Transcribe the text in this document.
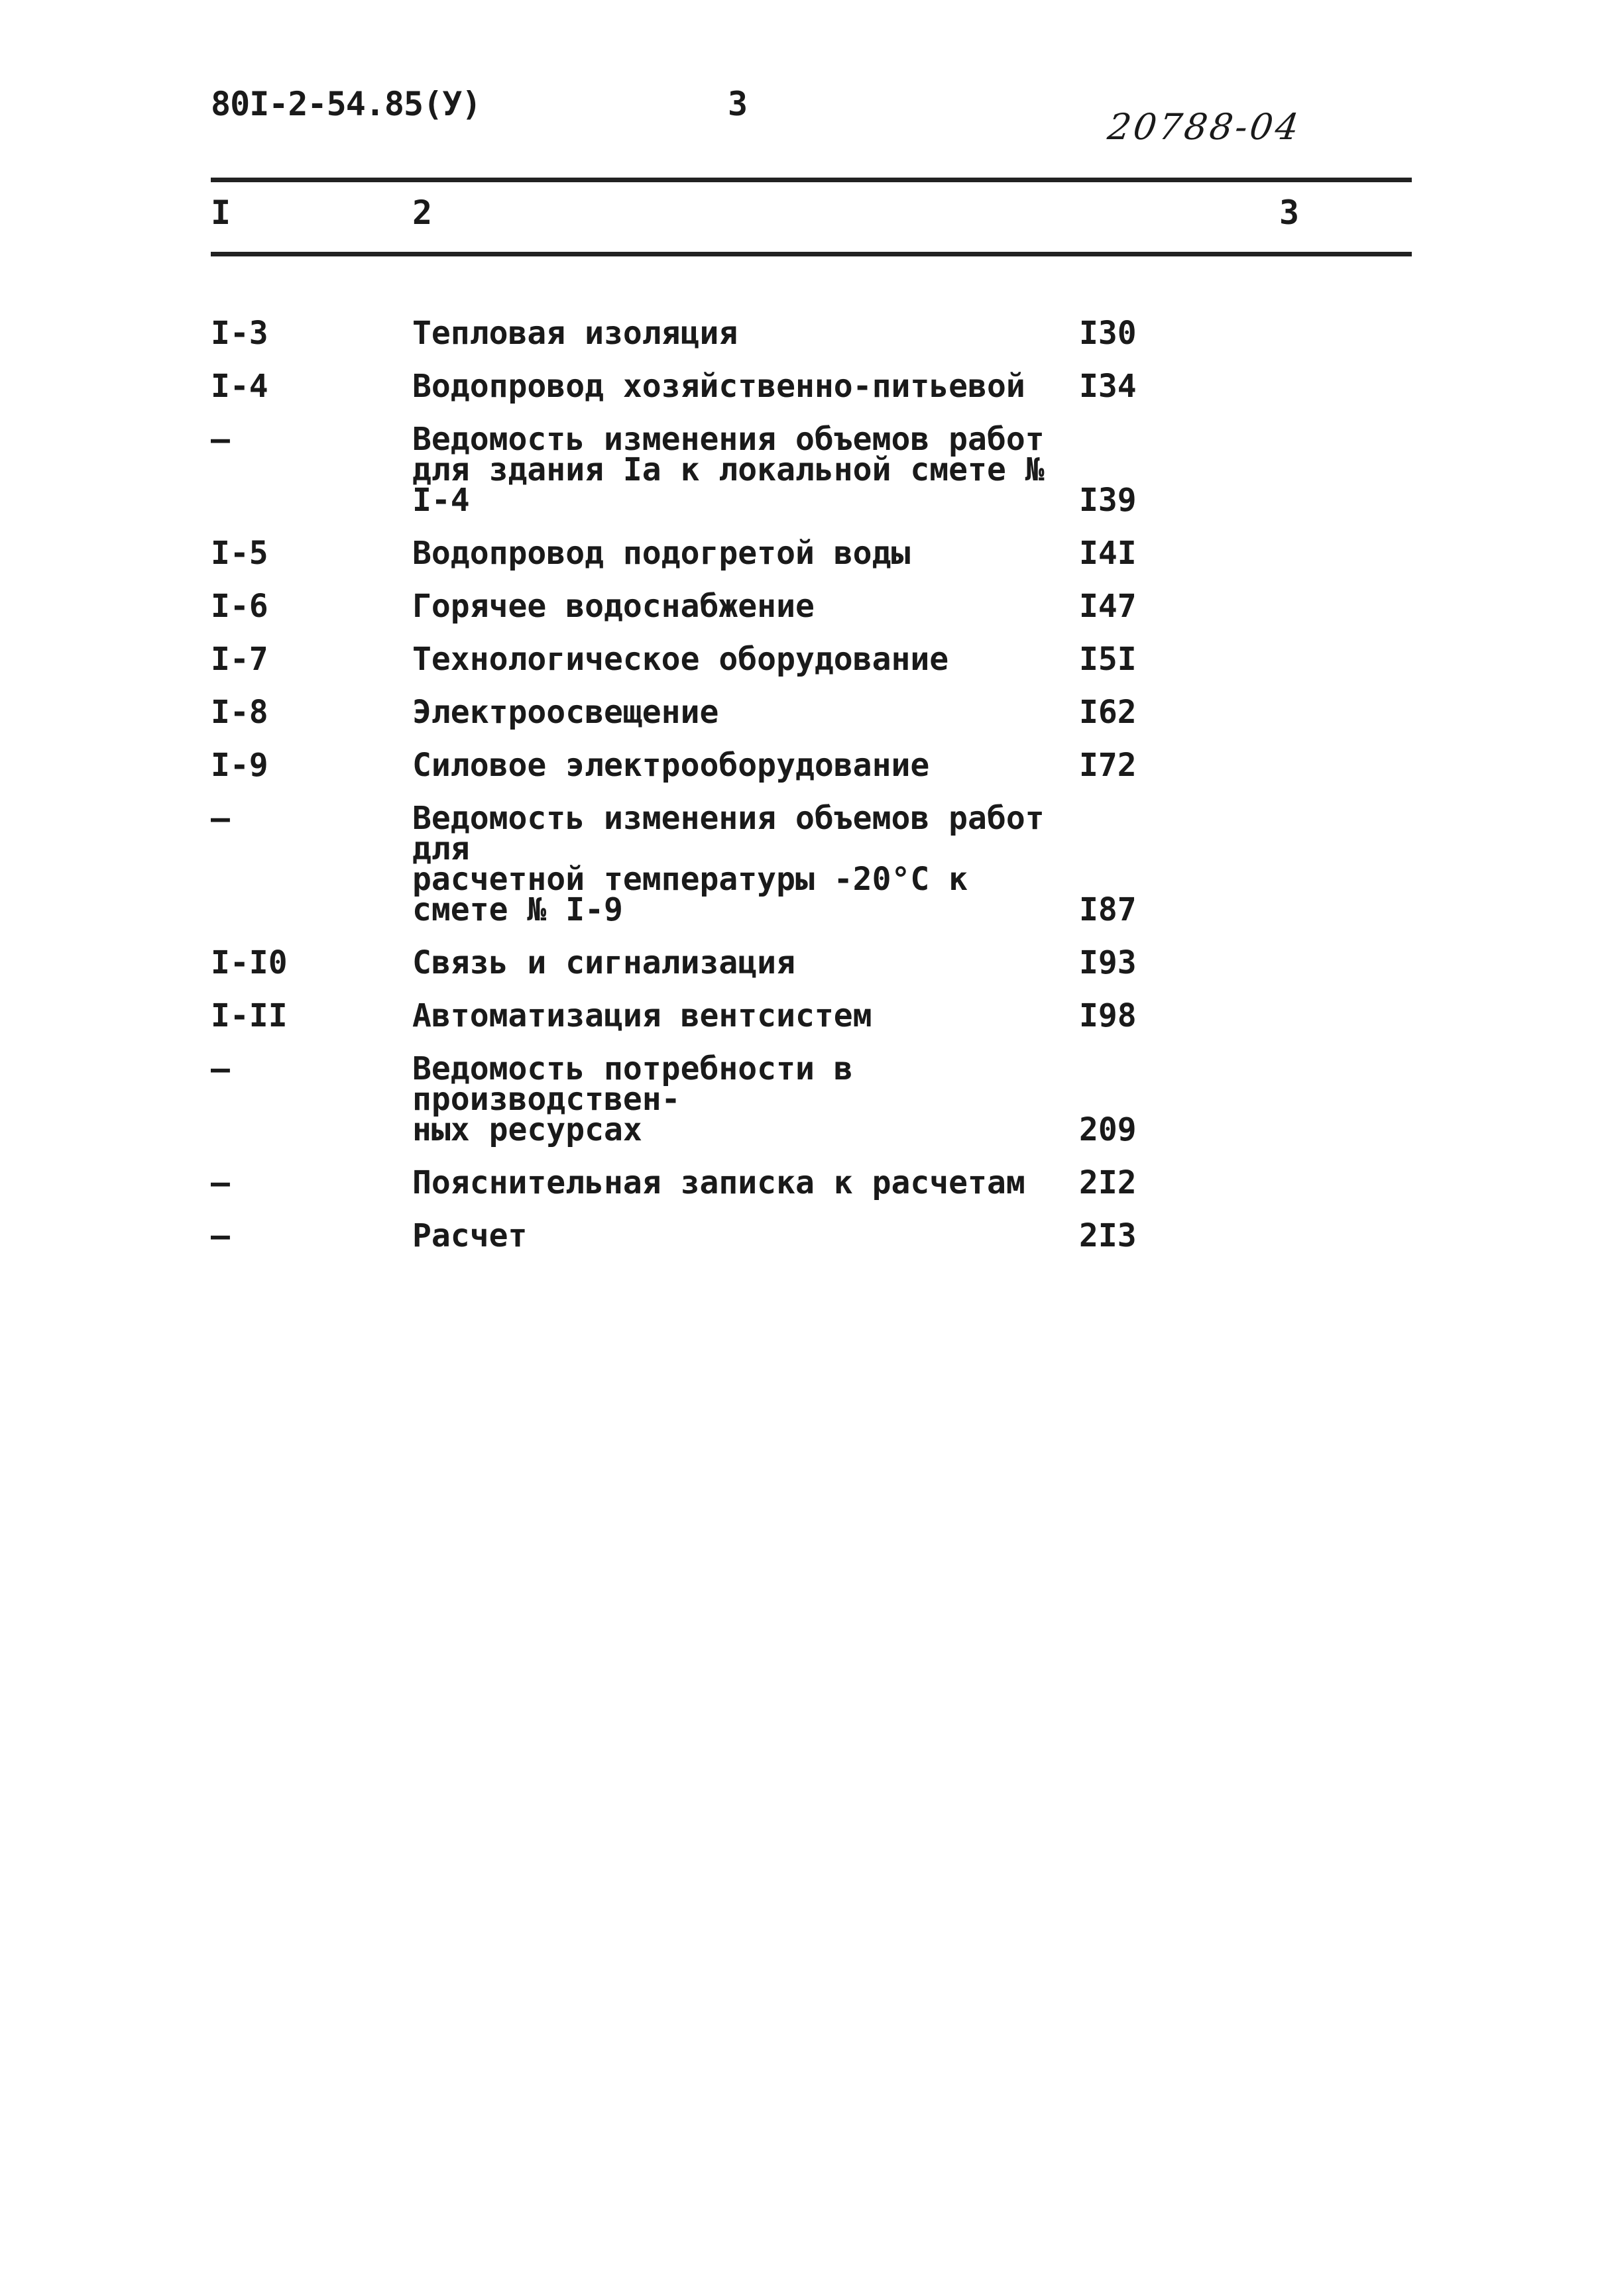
80I-2-54.85(У)	3
20788-04
I	2	3
I-3	Тепловая изоляция	I30
I-4	Водопровод хозяйственно-питьевой	I34
–	Ведомость изменения объемов работ
для здания Iа к локальной смете № I-4	I39
I-5	Водопровод подогретой воды	I4I
I-6	Горячее водоснабжение	I47
I-7	Технологическое оборудование	I5I
I-8	Электроосвещение	I62
I-9	Силовое электрооборудование	I72
–	Ведомость изменения объемов работ для
расчетной температуры -20°С к
смете № I-9	I87
I-I0	Связь и сигнализация	I93
I-II	Автоматизация вентсистем	I98
–	Ведомость потребности в производствен-
ных ресурсах	209
–	Пояснительная записка к расчетам	2I2
–	Расчет	2I3
